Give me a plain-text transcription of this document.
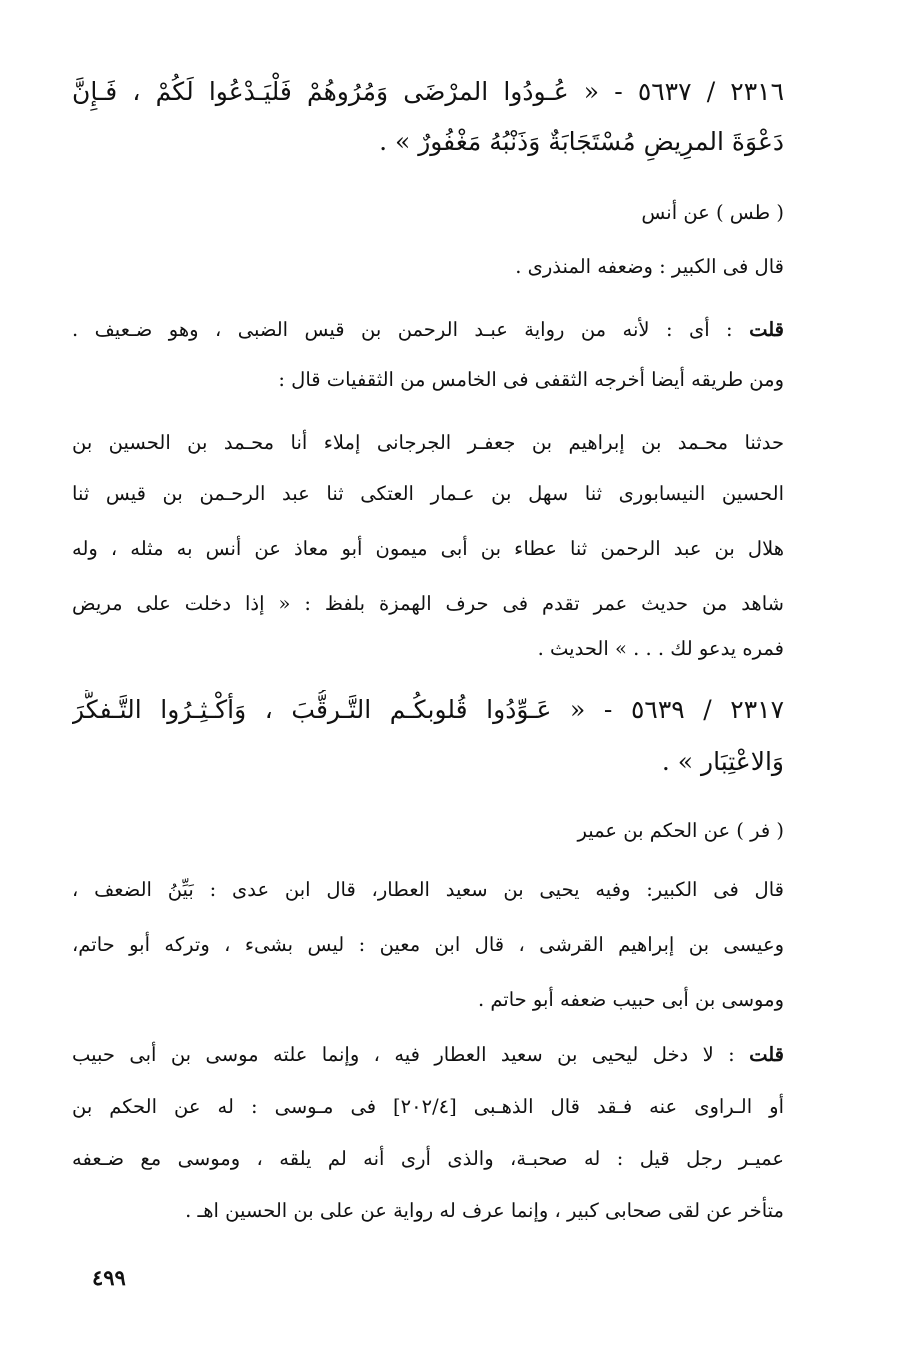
٢٣١٦ / ٥٦٣٧ - « عُـودُوا المرْضَى وَمُرُوهُمْ فَلْيَـدْعُوا لَكُمْ ، فَـإِنَّ
دَعْوَةَ المرِيضِ مُسْتَجَابَةٌ وَذَنْبُهُ مَغْفُورٌ » .
( طس ) عن أنس
قال فى الكبير : وضعفه المنذرى .
قلت : أى : لأنه من رواية عبـد الرحمن بن قيس الضبى ، وهو ضـعيف .
ومن طريقه أيضا أخرجه الثقفى فى الخامس من الثقفيات قال :
حدثنا محـمد بن إبراهيم بن جعفـر الجرجانى إملاء أنا محـمد بن الحسين بن
الحسين النيسابورى ثنا سهل بن عـمار العتكى ثنا عبد الرحـمن بن قيس ثنا
هلال بن عبد الرحمن ثنا عطاء بن أبى ميمون أبو معاذ عن أنس به مثله ، وله
شاهد من حديث عمر تقدم فى حرف الهمزة بلفظ : « إذا دخلت على مريض
فمره يدعو لك . . . » الحديث .
٢٣١٧ / ٥٦٣٩ - « عَـوِّدُوا قُلوبكُـم التَّـرقُّبَ ، وَأكْـثِـرُوا التَّـفكُّرَ
وَالاعْتِبَار » .
( فر ) عن الحكم بن عمير
قال فى الكبير: وفيه يحيى بن سعيد العطار، قال ابن عدى : بَيِّنُ الضعف ،
وعيسى بن إبراهيم القرشى ، قال ابن معين : ليس بشىء ، وتركه أبو حاتم،
وموسى بن أبى حبيب ضعفه أبو حاتم .
قلت : لا دخل ليحيى بن سعيد العطار فيه ، وإنما علته موسى بن أبى حبيب
أو الـراوى عنه فـقد قال الذهـبى [٢٠٢/٤] فى مـوسى : له عن الحكم بن
عميـر رجل قيل : له صحبـة، والذى أرى أنه لم يلقه ، وموسى مع ضـعفه
متأخر عن لقى صحابى كبير ، وإنما عرف له رواية عن على بن الحسين اهـ .
٤٩٩
